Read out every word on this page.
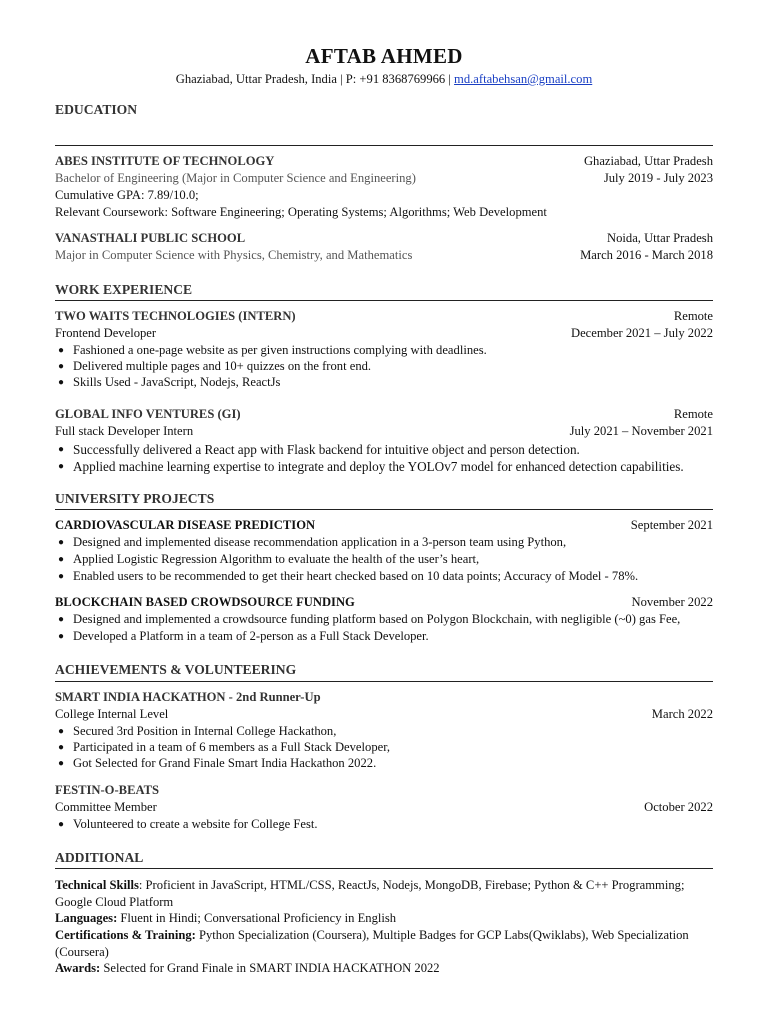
AFTAB AHMED
Ghaziabad, Uttar Pradesh, India | P: +91 8368769966 | md.aftabehsan@gmail.com
EDUCATION
ABES INSTITUTE OF TECHNOLOGY	Ghaziabad, Uttar Pradesh
Bachelor of Engineering (Major in Computer Science and Engineering)	July 2019 - July 2023
Cumulative GPA: 7.89/10.0;
Relevant Coursework: Software Engineering; Operating Systems; Algorithms; Web Development
VANASTHALI PUBLIC SCHOOL	Noida, Uttar Pradesh
Major in Computer Science with Physics, Chemistry, and Mathematics	March 2016 - March 2018
WORK EXPERIENCE
TWO WAITS TECHNOLOGIES (INTERN)	Remote
Frontend Developer	December 2021 – July 2022
● Fashioned a one-page website as per given instructions complying with deadlines.
● Delivered multiple pages and 10+ quizzes on the front end.
● Skills Used - JavaScript, Nodejs, ReactJs
GLOBAL INFO VENTURES (GI)	Remote
Full stack Developer Intern	July 2021 – November 2021
● Successfully delivered a React app with Flask backend for intuitive object and person detection.
● Applied machine learning expertise to integrate and deploy the YOLOv7 model for enhanced detection capabilities.
UNIVERSITY PROJECTS
CARDIOVASCULAR DISEASE PREDICTION	September 2021
● Designed and implemented disease recommendation application in a 3-person team using Python,
● Applied Logistic Regression Algorithm to evaluate the health of the user’s heart,
● Enabled users to be recommended to get their heart checked based on 10 data points; Accuracy of Model - 78%.
BLOCKCHAIN BASED CROWDSOURCE FUNDING	November 2022
● Designed and implemented a crowdsource funding platform based on Polygon Blockchain, with negligible (~0) gas Fee,
● Developed a Platform in a team of 2-person as a Full Stack Developer.
ACHIEVEMENTS & VOLUNTEERING
SMART INDIA HACKATHON - 2nd Runner-Up
College Internal Level	March 2022
● Secured 3rd Position in Internal College Hackathon,
● Participated in a team of 6 members as a Full Stack Developer,
● Got Selected for Grand Finale Smart India Hackathon 2022.
FESTIN-O-BEATS
Committee Member	October 2022
● Volunteered to create a website for College Fest.
ADDITIONAL
Technical Skills: Proficient in JavaScript, HTML/CSS, ReactJs, Nodejs, MongoDB, Firebase; Python & C++ Programming; Google Cloud Platform
Languages: Fluent in Hindi; Conversational Proficiency in English
Certifications & Training: Python Specialization (Coursera), Multiple Badges for GCP Labs(Qwiklabs), Web Specialization (Coursera)
Awards: Selected for Grand Finale in SMART INDIA HACKATHON 2022
